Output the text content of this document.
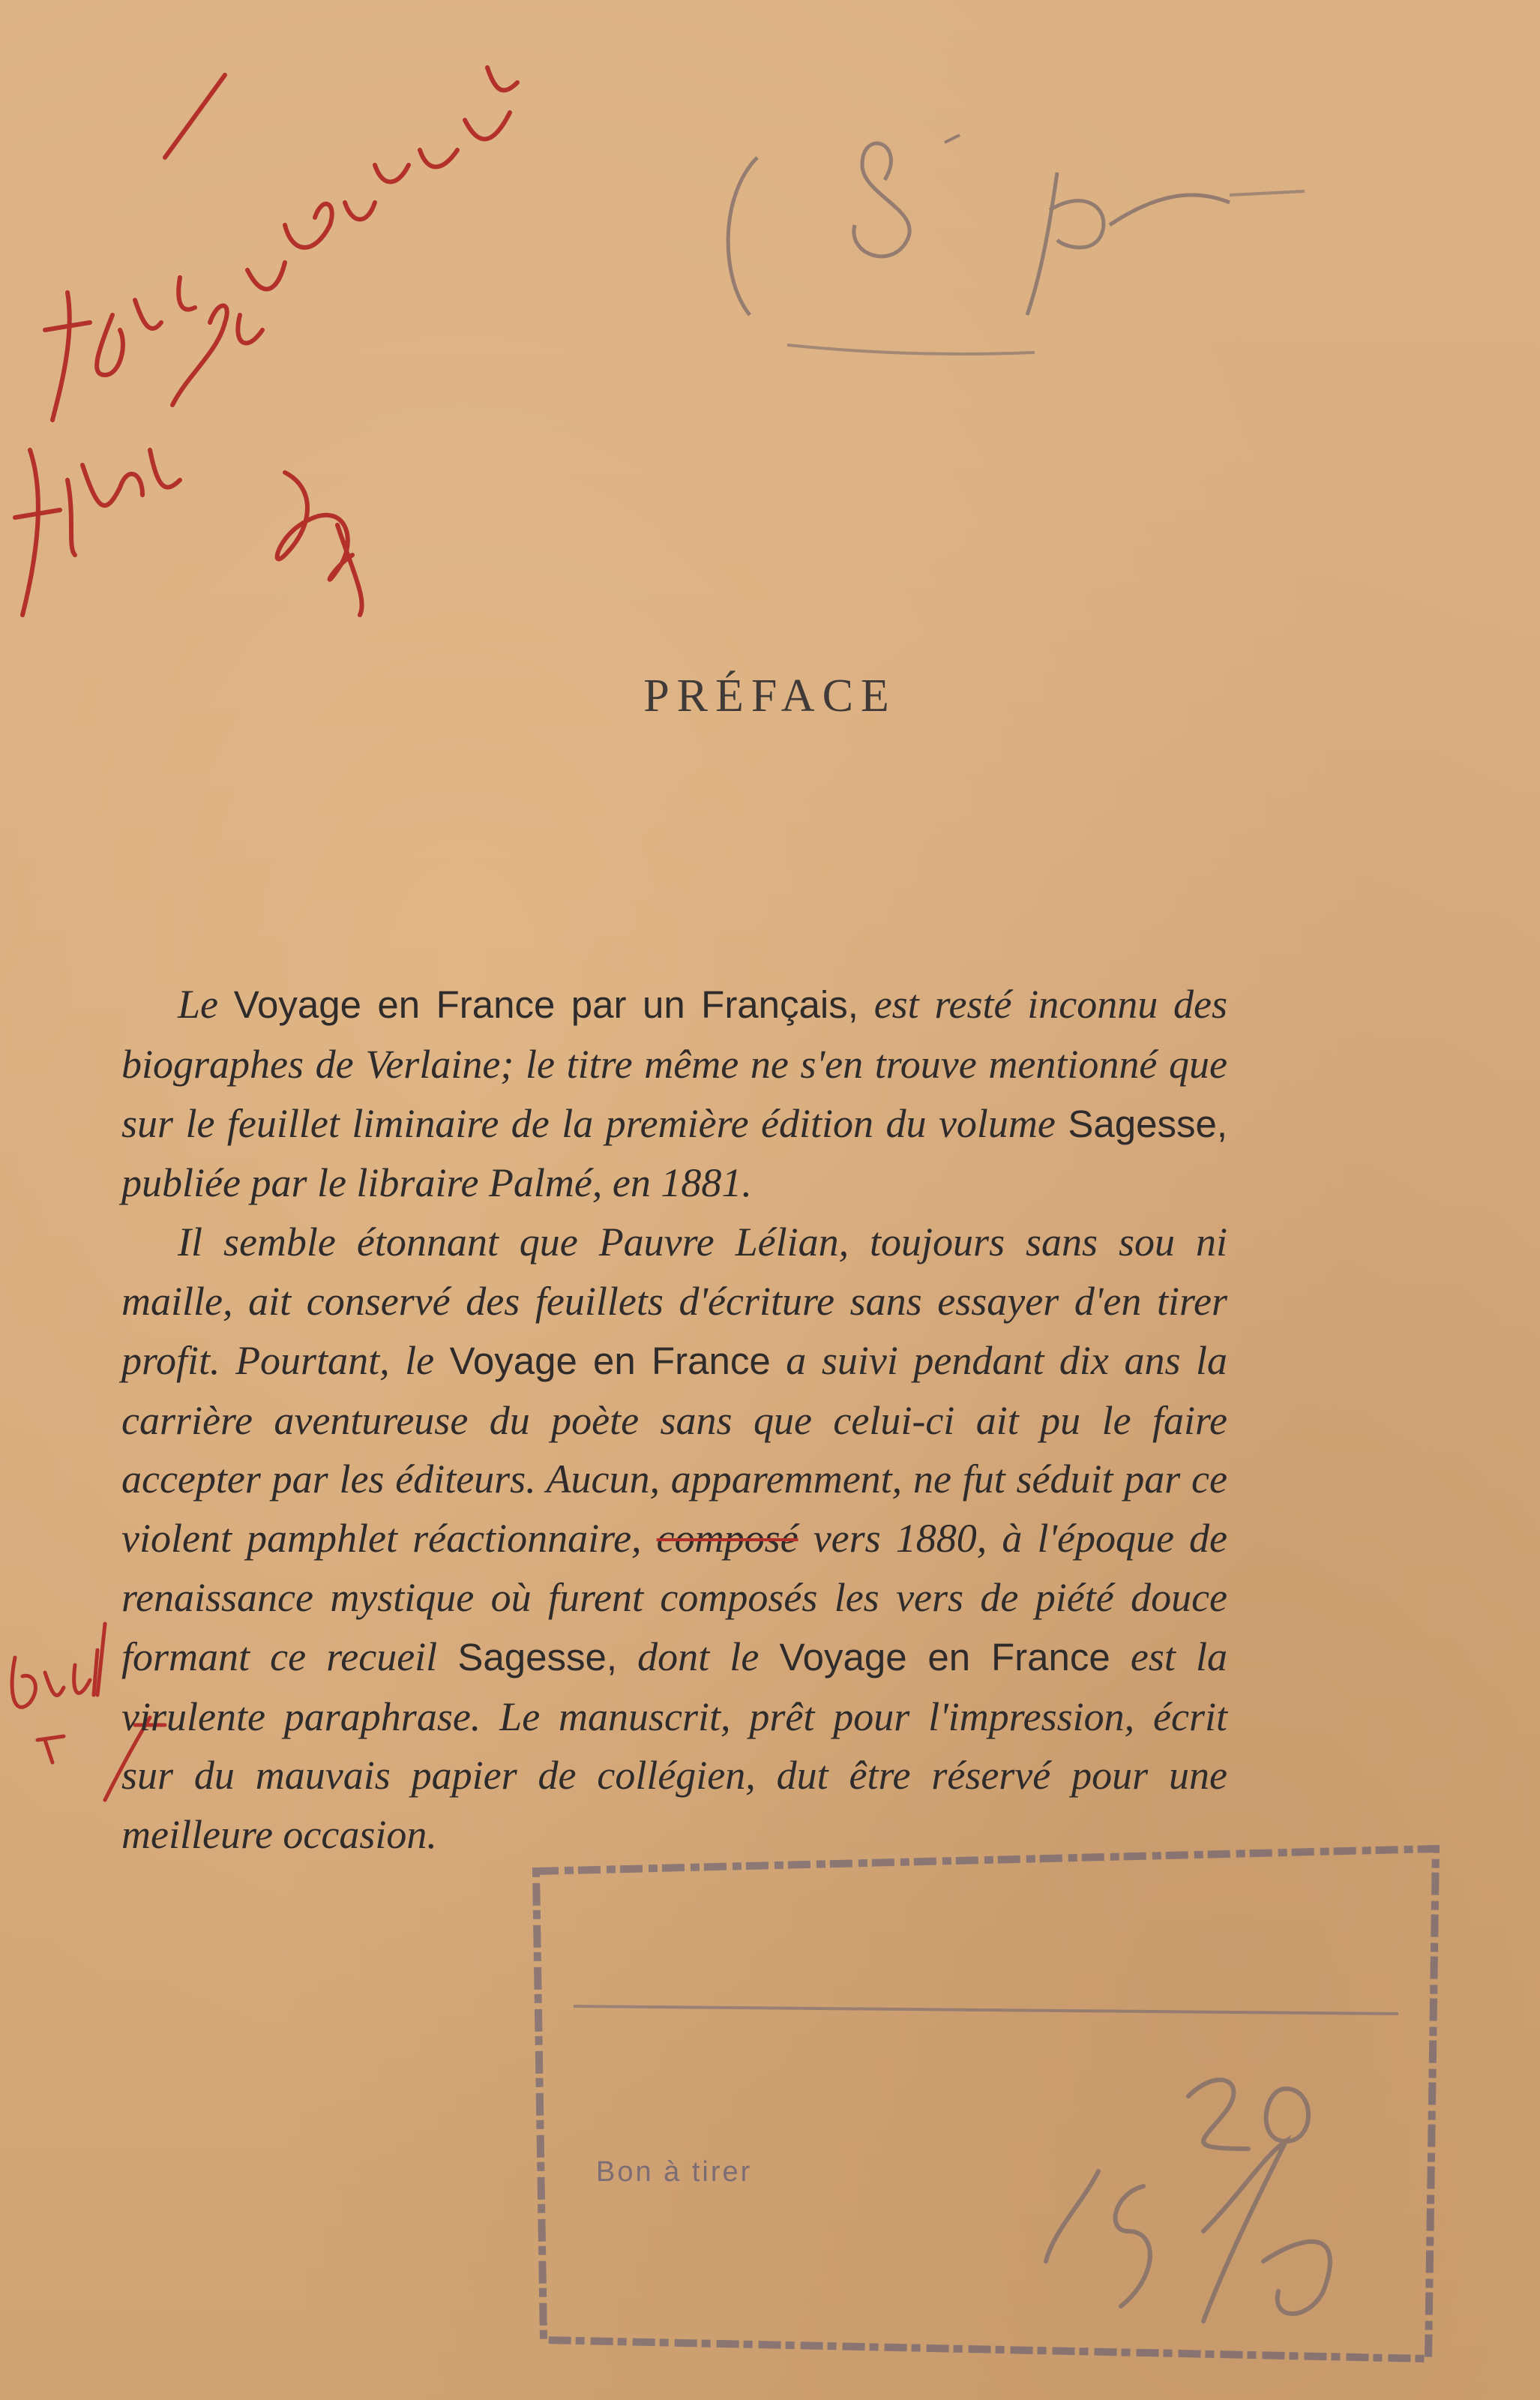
PRÉFACE

Le Voyage en France par un Français, est resté inconnu des biographes de Verlaine; le titre même ne s'en trouve mentionné que sur le feuillet liminaire de la première édition du volume Sagesse, publiée par le libraire Palmé, en 1881.

Il semble étonnant que Pauvre Lélian, toujours sans sou ni maille, ait conservé des feuillets d'écriture sans essayer d'en tirer profit. Pourtant, le Voyage en France a suivi pendant dix ans la carrière aventureuse du poète sans que celui-ci ait pu le faire accepter par les éditeurs. Aucun, apparemment, ne fut séduit par ce violent pamphlet réactionnaire, composé vers 1880, à l'époque de renaissance mystique où furent composés les vers de piété douce formant ce recueil Sagesse, dont le Voyage en France est la virulente paraphrase. Le manuscrit, prêt pour l'impression, écrit sur du mauvais papier de collégien, dut être réservé pour une meilleure occasion.

Bon à tirer
